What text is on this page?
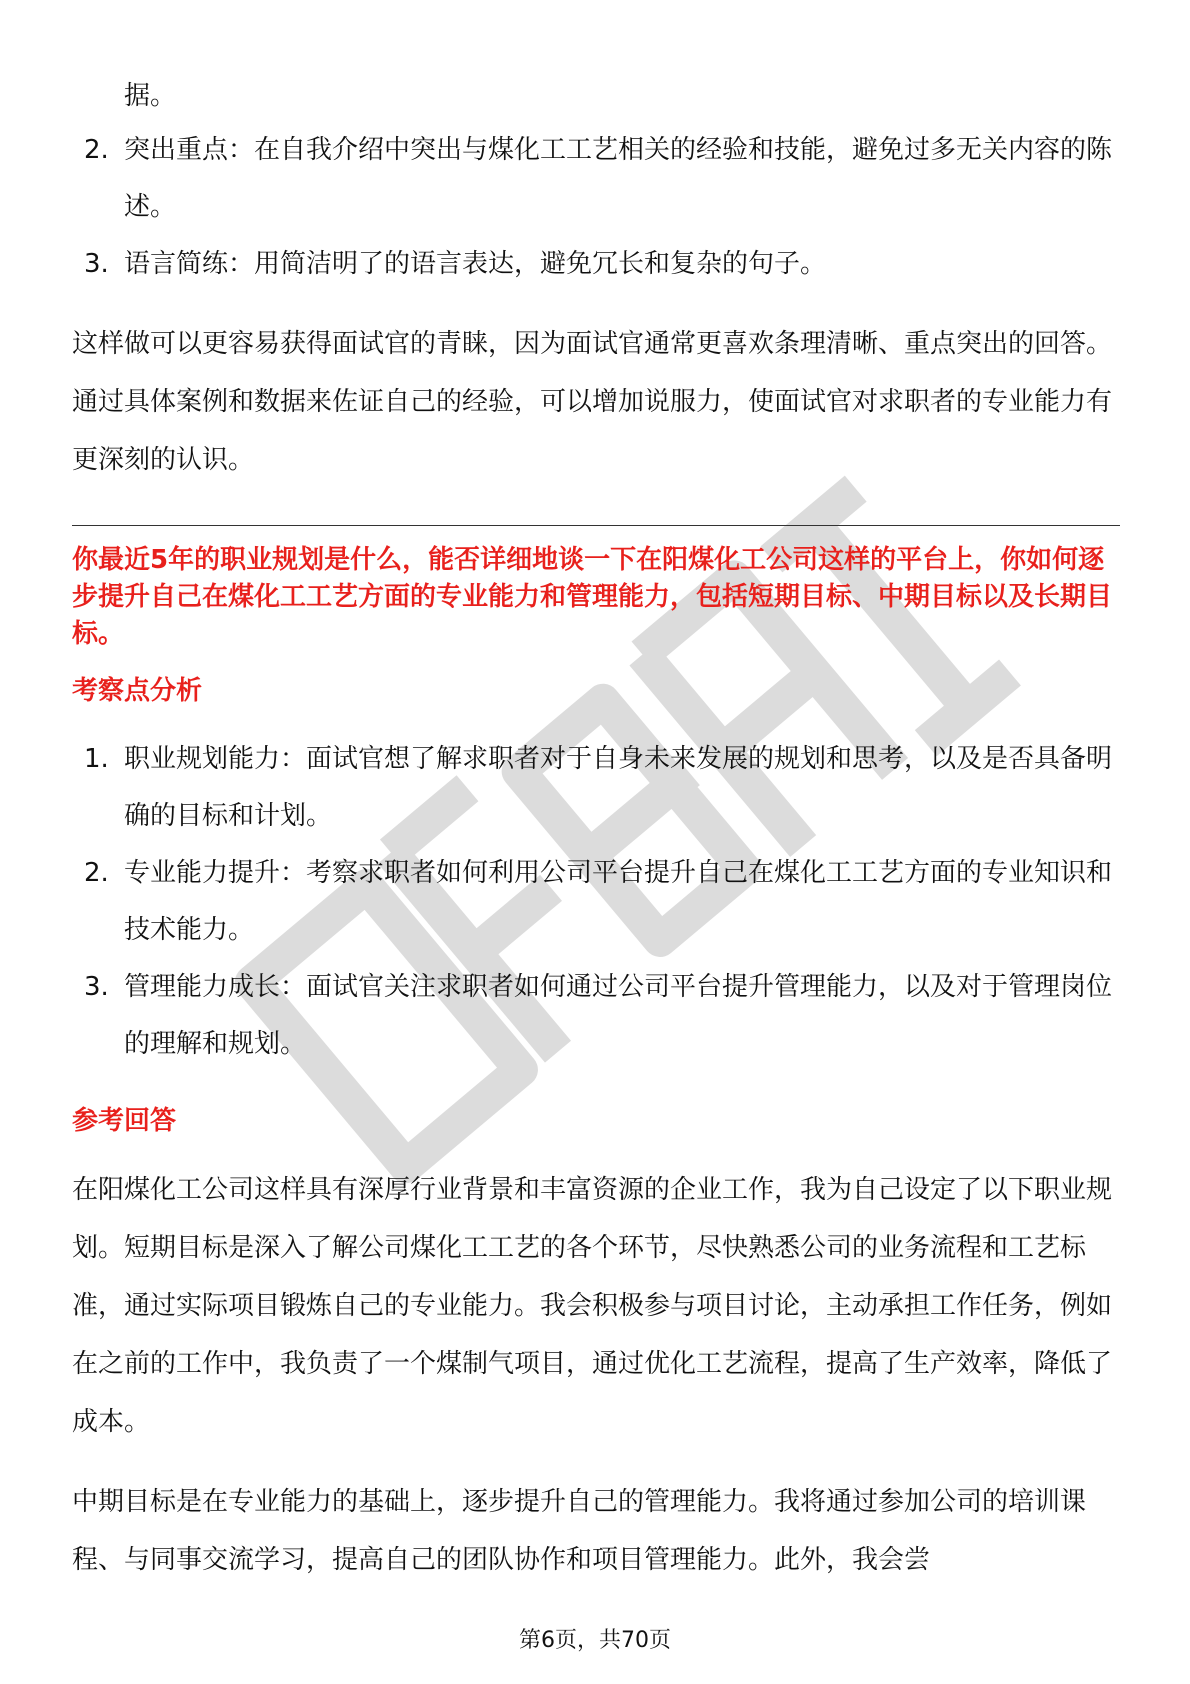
据。
2. 突出重点：在自我介绍中突出与煤化工工艺相关的经验和技能，避免过多无关内容的陈述。
3. 语言简练：用简洁明了的语言表达，避免冗长和复杂的句子。

这样做可以更容易获得面试官的青睐，因为面试官通常更喜欢条理清晰、重点突出的回答。通过具体案例和数据来佐证自己的经验，可以增加说服力，使面试官对求职者的专业能力有更深刻的认识。

你最近5年的职业规划是什么，能否详细地谈一下在阳煤化工公司这样的平台上，你如何逐步提升自己在煤化工工艺方面的专业能力和管理能力，包括短期目标、中期目标以及长期目标。

考察点分析
1. 职业规划能力：面试官想了解求职者对于自身未来发展的规划和思考，以及是否具备明确的目标和计划。
2. 专业能力提升：考察求职者如何利用公司平台提升自己在煤化工工艺方面的专业知识和技术能力。
3. 管理能力成长：面试官关注求职者如何通过公司平台提升管理能力，以及对于管理岗位的理解和规划。
参考回答

在阳煤化工公司这样具有深厚行业背景和丰富资源的企业工作，我为自己设定了以下职业规划。短期目标是深入了解公司煤化工工艺的各个环节，尽快熟悉公司的业务流程和工艺标准，通过实际项目锻炼自己的专业能力。我会积极参与项目讨论，主动承担工作任务，例如在之前的工作中，我负责了一个煤制气项目，通过优化工艺流程，提高了生产效率，降低了成本。

中期目标是在专业能力的基础上，逐步提升自己的管理能力。我将通过参加公司的培训课程、与同事交流学习，提高自己的团队协作和项目管理能力。此外，我会尝

第6页，共70页
